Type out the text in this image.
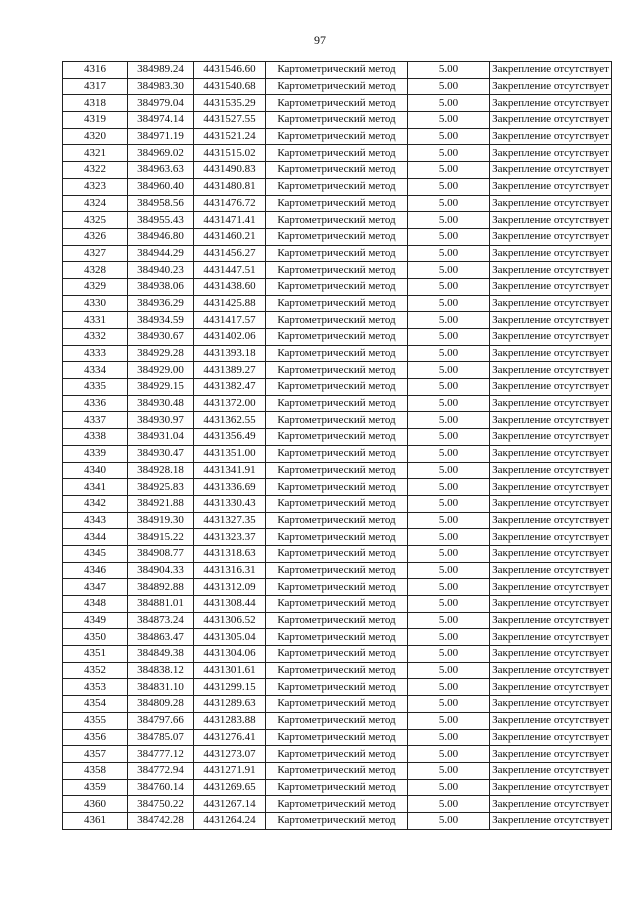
97
4316	384989.24	4431546.60	Картометрический метод	5.00	Закрепление отсутствует
4317	384983.30	4431540.68	Картометрический метод	5.00	Закрепление отсутствует
4318	384979.04	4431535.29	Картометрический метод	5.00	Закрепление отсутствует
4319	384974.14	4431527.55	Картометрический метод	5.00	Закрепление отсутствует
4320	384971.19	4431521.24	Картометрический метод	5.00	Закрепление отсутствует
4321	384969.02	4431515.02	Картометрический метод	5.00	Закрепление отсутствует
4322	384963.63	4431490.83	Картометрический метод	5.00	Закрепление отсутствует
4323	384960.40	4431480.81	Картометрический метод	5.00	Закрепление отсутствует
4324	384958.56	4431476.72	Картометрический метод	5.00	Закрепление отсутствует
4325	384955.43	4431471.41	Картометрический метод	5.00	Закрепление отсутствует
4326	384946.80	4431460.21	Картометрический метод	5.00	Закрепление отсутствует
4327	384944.29	4431456.27	Картометрический метод	5.00	Закрепление отсутствует
4328	384940.23	4431447.51	Картометрический метод	5.00	Закрепление отсутствует
4329	384938.06	4431438.60	Картометрический метод	5.00	Закрепление отсутствует
4330	384936.29	4431425.88	Картометрический метод	5.00	Закрепление отсутствует
4331	384934.59	4431417.57	Картометрический метод	5.00	Закрепление отсутствует
4332	384930.67	4431402.06	Картометрический метод	5.00	Закрепление отсутствует
4333	384929.28	4431393.18	Картометрический метод	5.00	Закрепление отсутствует
4334	384929.00	4431389.27	Картометрический метод	5.00	Закрепление отсутствует
4335	384929.15	4431382.47	Картометрический метод	5.00	Закрепление отсутствует
4336	384930.48	4431372.00	Картометрический метод	5.00	Закрепление отсутствует
4337	384930.97	4431362.55	Картометрический метод	5.00	Закрепление отсутствует
4338	384931.04	4431356.49	Картометрический метод	5.00	Закрепление отсутствует
4339	384930.47	4431351.00	Картометрический метод	5.00	Закрепление отсутствует
4340	384928.18	4431341.91	Картометрический метод	5.00	Закрепление отсутствует
4341	384925.83	4431336.69	Картометрический метод	5.00	Закрепление отсутствует
4342	384921.88	4431330.43	Картометрический метод	5.00	Закрепление отсутствует
4343	384919.30	4431327.35	Картометрический метод	5.00	Закрепление отсутствует
4344	384915.22	4431323.37	Картометрический метод	5.00	Закрепление отсутствует
4345	384908.77	4431318.63	Картометрический метод	5.00	Закрепление отсутствует
4346	384904.33	4431316.31	Картометрический метод	5.00	Закрепление отсутствует
4347	384892.88	4431312.09	Картометрический метод	5.00	Закрепление отсутствует
4348	384881.01	4431308.44	Картометрический метод	5.00	Закрепление отсутствует
4349	384873.24	4431306.52	Картометрический метод	5.00	Закрепление отсутствует
4350	384863.47	4431305.04	Картометрический метод	5.00	Закрепление отсутствует
4351	384849.38	4431304.06	Картометрический метод	5.00	Закрепление отсутствует
4352	384838.12	4431301.61	Картометрический метод	5.00	Закрепление отсутствует
4353	384831.10	4431299.15	Картометрический метод	5.00	Закрепление отсутствует
4354	384809.28	4431289.63	Картометрический метод	5.00	Закрепление отсутствует
4355	384797.66	4431283.88	Картометрический метод	5.00	Закрепление отсутствует
4356	384785.07	4431276.41	Картометрический метод	5.00	Закрепление отсутствует
4357	384777.12	4431273.07	Картометрический метод	5.00	Закрепление отсутствует
4358	384772.94	4431271.91	Картометрический метод	5.00	Закрепление отсутствует
4359	384760.14	4431269.65	Картометрический метод	5.00	Закрепление отсутствует
4360	384750.22	4431267.14	Картометрический метод	5.00	Закрепление отсутствует
4361	384742.28	4431264.24	Картометрический метод	5.00	Закрепление отсутствует
